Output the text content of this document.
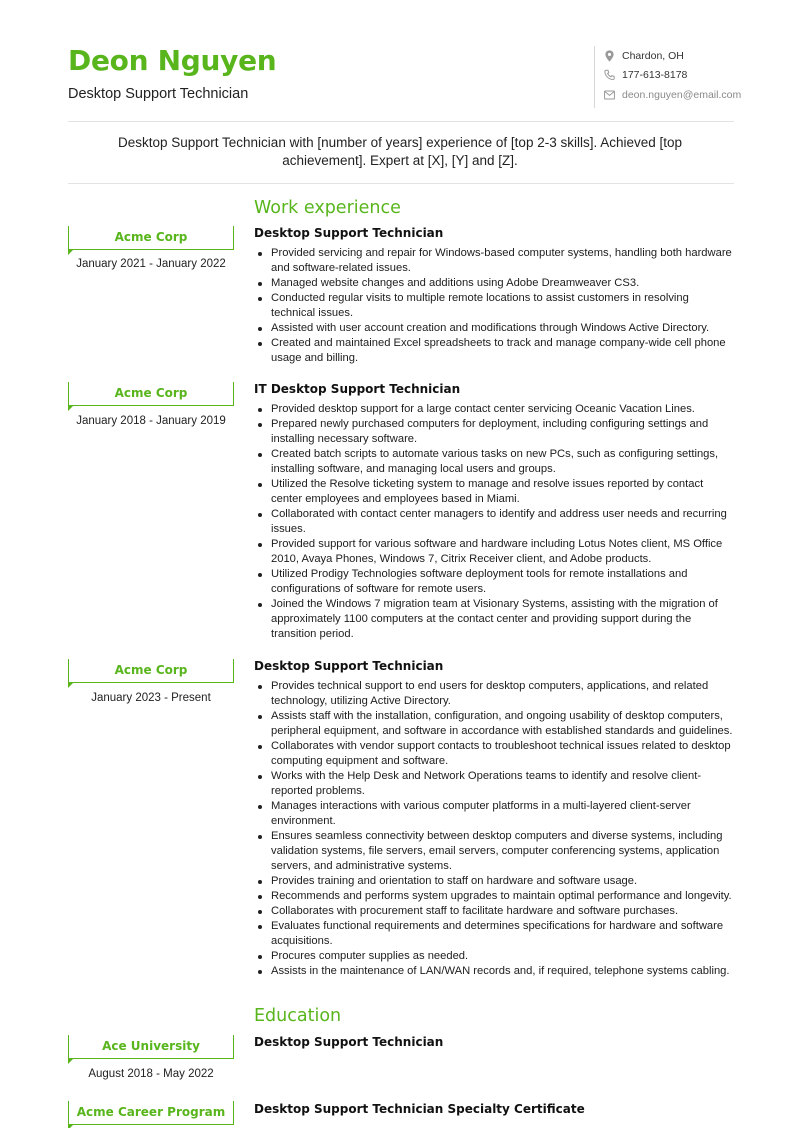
Deon Nguyen
Desktop Support Technician
Chardon, OH
177-613-8178
deon.nguyen@email.com
Desktop Support Technician with [number of years] experience of [top 2-3 skills]. Achieved [top achievement]. Expert at [X], [Y] and [Z].
Work experience
Acme Corp
January 2021 - January 2022
Desktop Support Technician
Provided servicing and repair for Windows-based computer systems, handling both hardware and software-related issues.
Managed website changes and additions using Adobe Dreamweaver CS3.
Conducted regular visits to multiple remote locations to assist customers in resolving technical issues.
Assisted with user account creation and modifications through Windows Active Directory.
Created and maintained Excel spreadsheets to track and manage company-wide cell phone usage and billing.
Acme Corp
January 2018 - January 2019
IT Desktop Support Technician
Provided desktop support for a large contact center servicing Oceanic Vacation Lines.
Prepared newly purchased computers for deployment, including configuring settings and installing necessary software.
Created batch scripts to automate various tasks on new PCs, such as configuring settings, installing software, and managing local users and groups.
Utilized the Resolve ticketing system to manage and resolve issues reported by contact center employees and employees based in Miami.
Collaborated with contact center managers to identify and address user needs and recurring issues.
Provided support for various software and hardware including Lotus Notes client, MS Office 2010, Avaya Phones, Windows 7, Citrix Receiver client, and Adobe products.
Utilized Prodigy Technologies software deployment tools for remote installations and configurations of software for remote users.
Joined the Windows 7 migration team at Visionary Systems, assisting with the migration of approximately 1100 computers at the contact center and providing support during the transition period.
Acme Corp
January 2023 - Present
Desktop Support Technician
Provides technical support to end users for desktop computers, applications, and related technology, utilizing Active Directory.
Assists staff with the installation, configuration, and ongoing usability of desktop computers, peripheral equipment, and software in accordance with established standards and guidelines.
Collaborates with vendor support contacts to troubleshoot technical issues related to desktop computing equipment and software.
Works with the Help Desk and Network Operations teams to identify and resolve client-reported problems.
Manages interactions with various computer platforms in a multi-layered client-server environment.
Ensures seamless connectivity between desktop computers and diverse systems, including validation systems, file servers, email servers, computer conferencing systems, application servers, and administrative systems.
Provides training and orientation to staff on hardware and software usage.
Recommends and performs system upgrades to maintain optimal performance and longevity.
Collaborates with procurement staff to facilitate hardware and software purchases.
Evaluates functional requirements and determines specifications for hardware and software acquisitions.
Procures computer supplies as needed.
Assists in the maintenance of LAN/WAN records and, if required, telephone systems cabling.
Education
Ace University
August 2018 - May 2022
Desktop Support Technician
Acme Career Program	Desktop Support Technician Specialty Certificate
